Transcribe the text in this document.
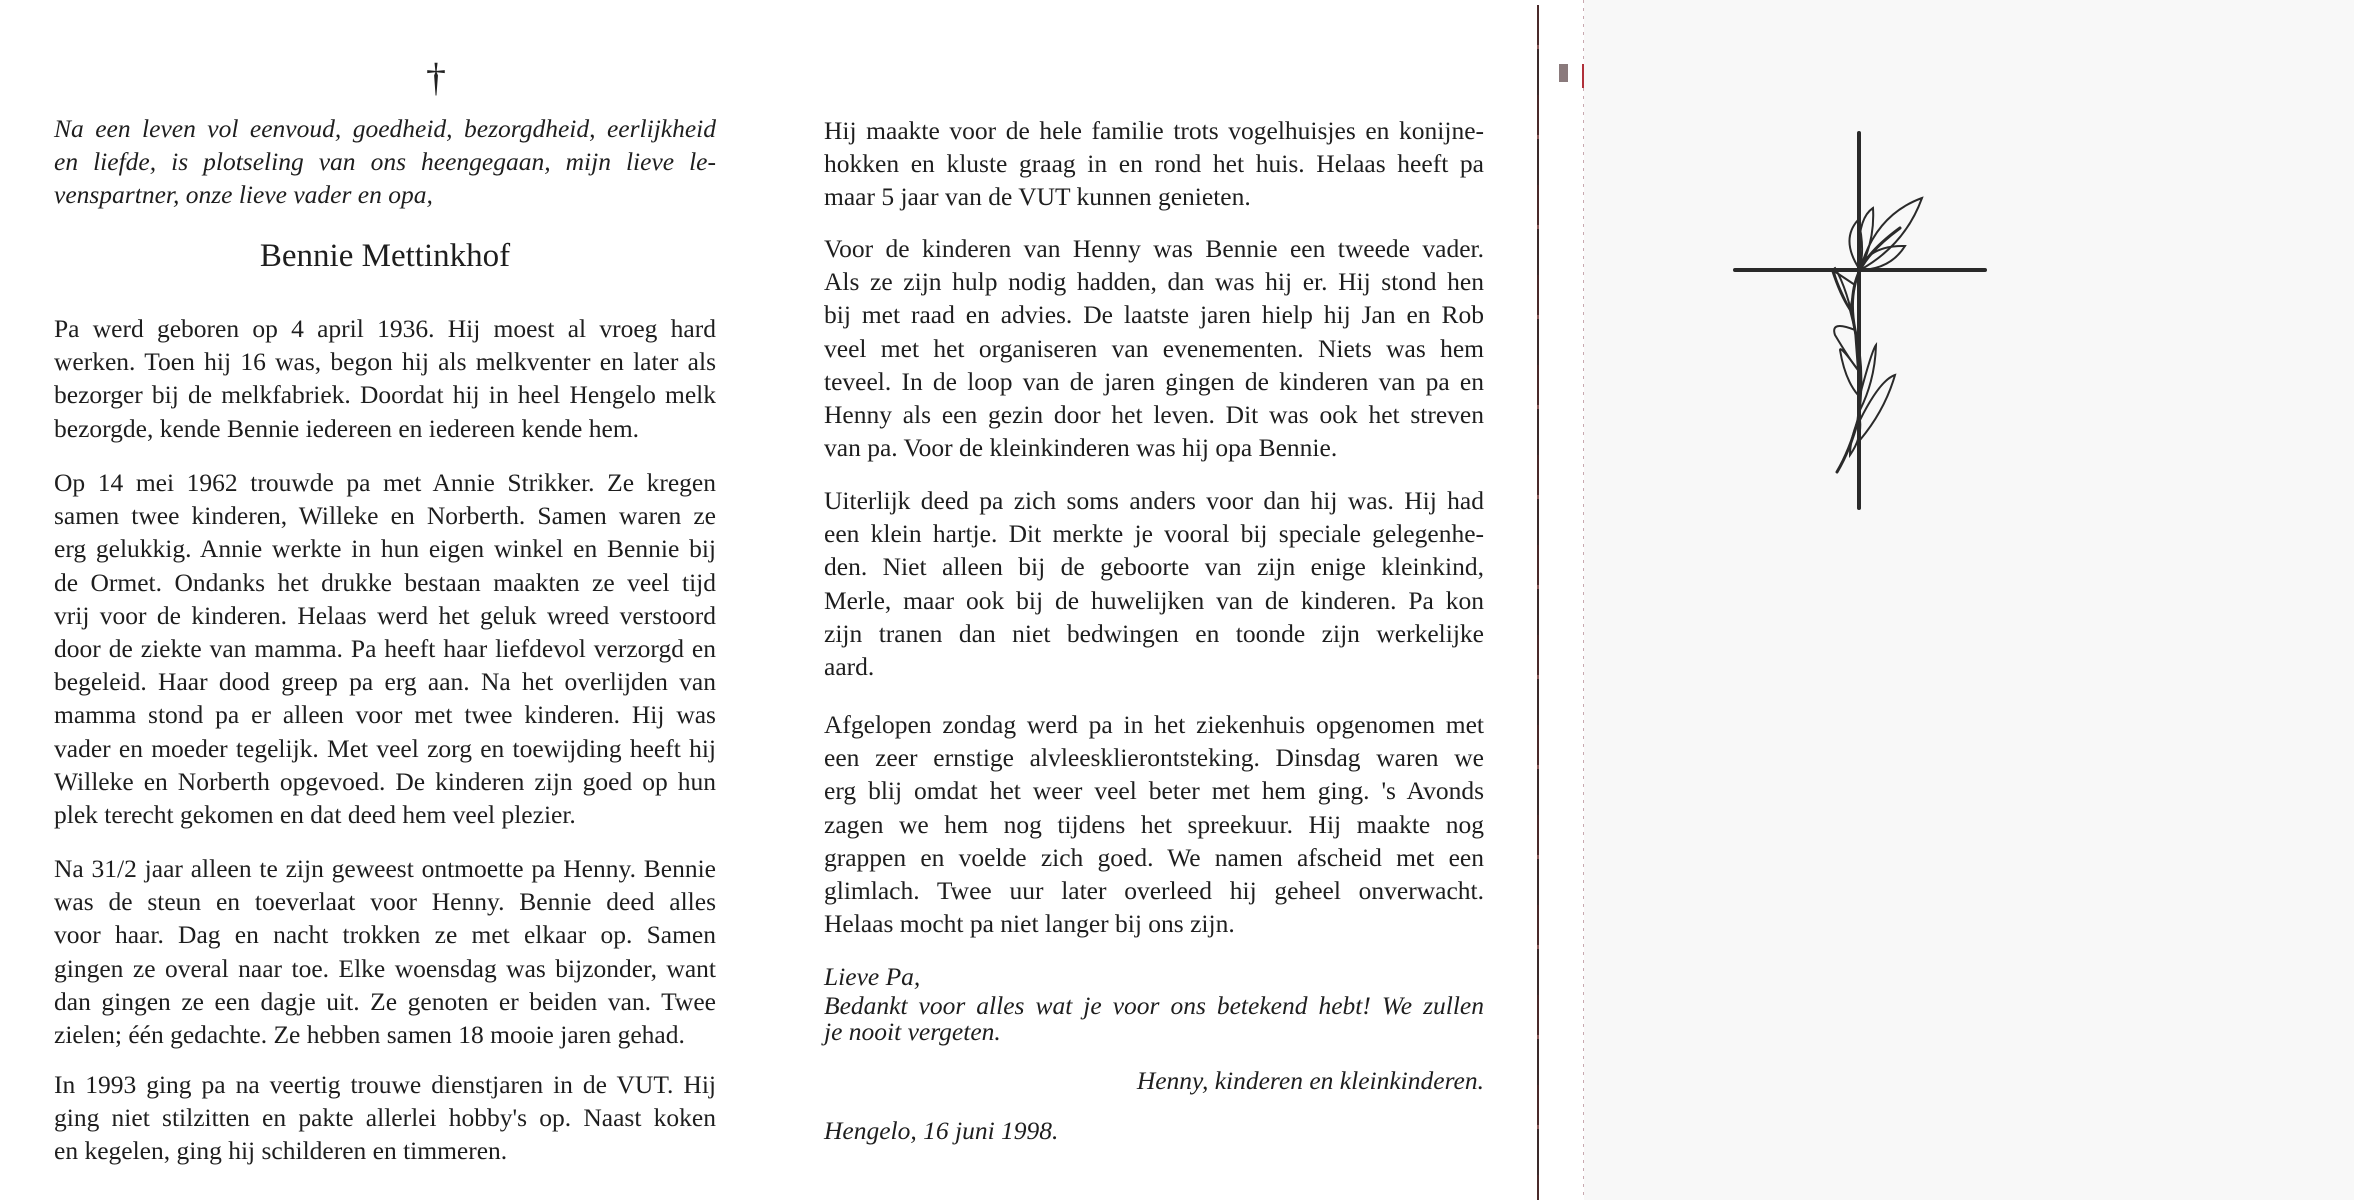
†
Na een leven vol eenvoud, goedheid, bezorgdheid, eerlijkheid
en liefde, is plotseling van ons heengegaan, mijn lieve le-
venspartner, onze lieve vader en opa,
Bennie Mettinkhof
Pa werd geboren op 4 april 1936. Hij moest al vroeg hard
werken. Toen hij 16 was, begon hij als melkventer en later als
bezorger bij de melkfabriek. Doordat hij in heel Hengelo melk
bezorgde, kende Bennie iedereen en iedereen kende hem.
Op 14 mei 1962 trouwde pa met Annie Strikker. Ze kregen
samen twee kinderen, Willeke en Norberth. Samen waren ze
erg gelukkig. Annie werkte in hun eigen winkel en Bennie bij
de Ormet. Ondanks het drukke bestaan maakten ze veel tijd
vrij voor de kinderen. Helaas werd het geluk wreed verstoord
door de ziekte van mamma. Pa heeft haar liefdevol verzorgd en
begeleid. Haar dood greep pa erg aan. Na het overlijden van
mamma stond pa er alleen voor met twee kinderen. Hij was
vader en moeder tegelijk. Met veel zorg en toewijding heeft hij
Willeke en Norberth opgevoed. De kinderen zijn goed op hun
plek terecht gekomen en dat deed hem veel plezier.
Na 31/2 jaar alleen te zijn geweest ontmoette pa Henny. Bennie
was de steun en toeverlaat voor Henny. Bennie deed alles
voor haar. Dag en nacht trokken ze met elkaar op. Samen
gingen ze overal naar toe. Elke woensdag was bijzonder, want
dan gingen ze een dagje uit. Ze genoten er beiden van. Twee
zielen; één gedachte. Ze hebben samen 18 mooie jaren gehad.
In 1993 ging pa na veertig trouwe dienstjaren in de VUT. Hij
ging niet stilzitten en pakte allerlei hobby's op. Naast koken
en kegelen, ging hij schilderen en timmeren.
Hij maakte voor de hele familie trots vogelhuisjes en konijne-
hokken en kluste graag in en rond het huis. Helaas heeft pa
maar 5 jaar van de VUT kunnen genieten.
Voor de kinderen van Henny was Bennie een tweede vader.
Als ze zijn hulp nodig hadden, dan was hij er. Hij stond hen
bij met raad en advies. De laatste jaren hielp hij Jan en Rob
veel met het organiseren van evenementen. Niets was hem
teveel. In de loop van de jaren gingen de kinderen van pa en
Henny als een gezin door het leven. Dit was ook het streven
van pa. Voor de kleinkinderen was hij opa Bennie.
Uiterlijk deed pa zich soms anders voor dan hij was. Hij had
een klein hartje. Dit merkte je vooral bij speciale gelegenhe-
den. Niet alleen bij de geboorte van zijn enige kleinkind,
Merle, maar ook bij de huwelijken van de kinderen. Pa kon
zijn tranen dan niet bedwingen en toonde zijn werkelijke
aard.
Afgelopen zondag werd pa in het ziekenhuis opgenomen met
een zeer ernstige alvleesklierontsteking. Dinsdag waren we
erg blij omdat het weer veel beter met hem ging. 's Avonds
zagen we hem nog tijdens het spreekuur. Hij maakte nog
grappen en voelde zich goed. We namen afscheid met een
glimlach. Twee uur later overleed hij geheel onverwacht.
Helaas mocht pa niet langer bij ons zijn.
Lieve Pa,
Bedankt voor alles wat je voor ons betekend hebt! We zullen
je nooit vergeten.
Henny, kinderen en kleinkinderen.
Hengelo, 16 juni 1998.
